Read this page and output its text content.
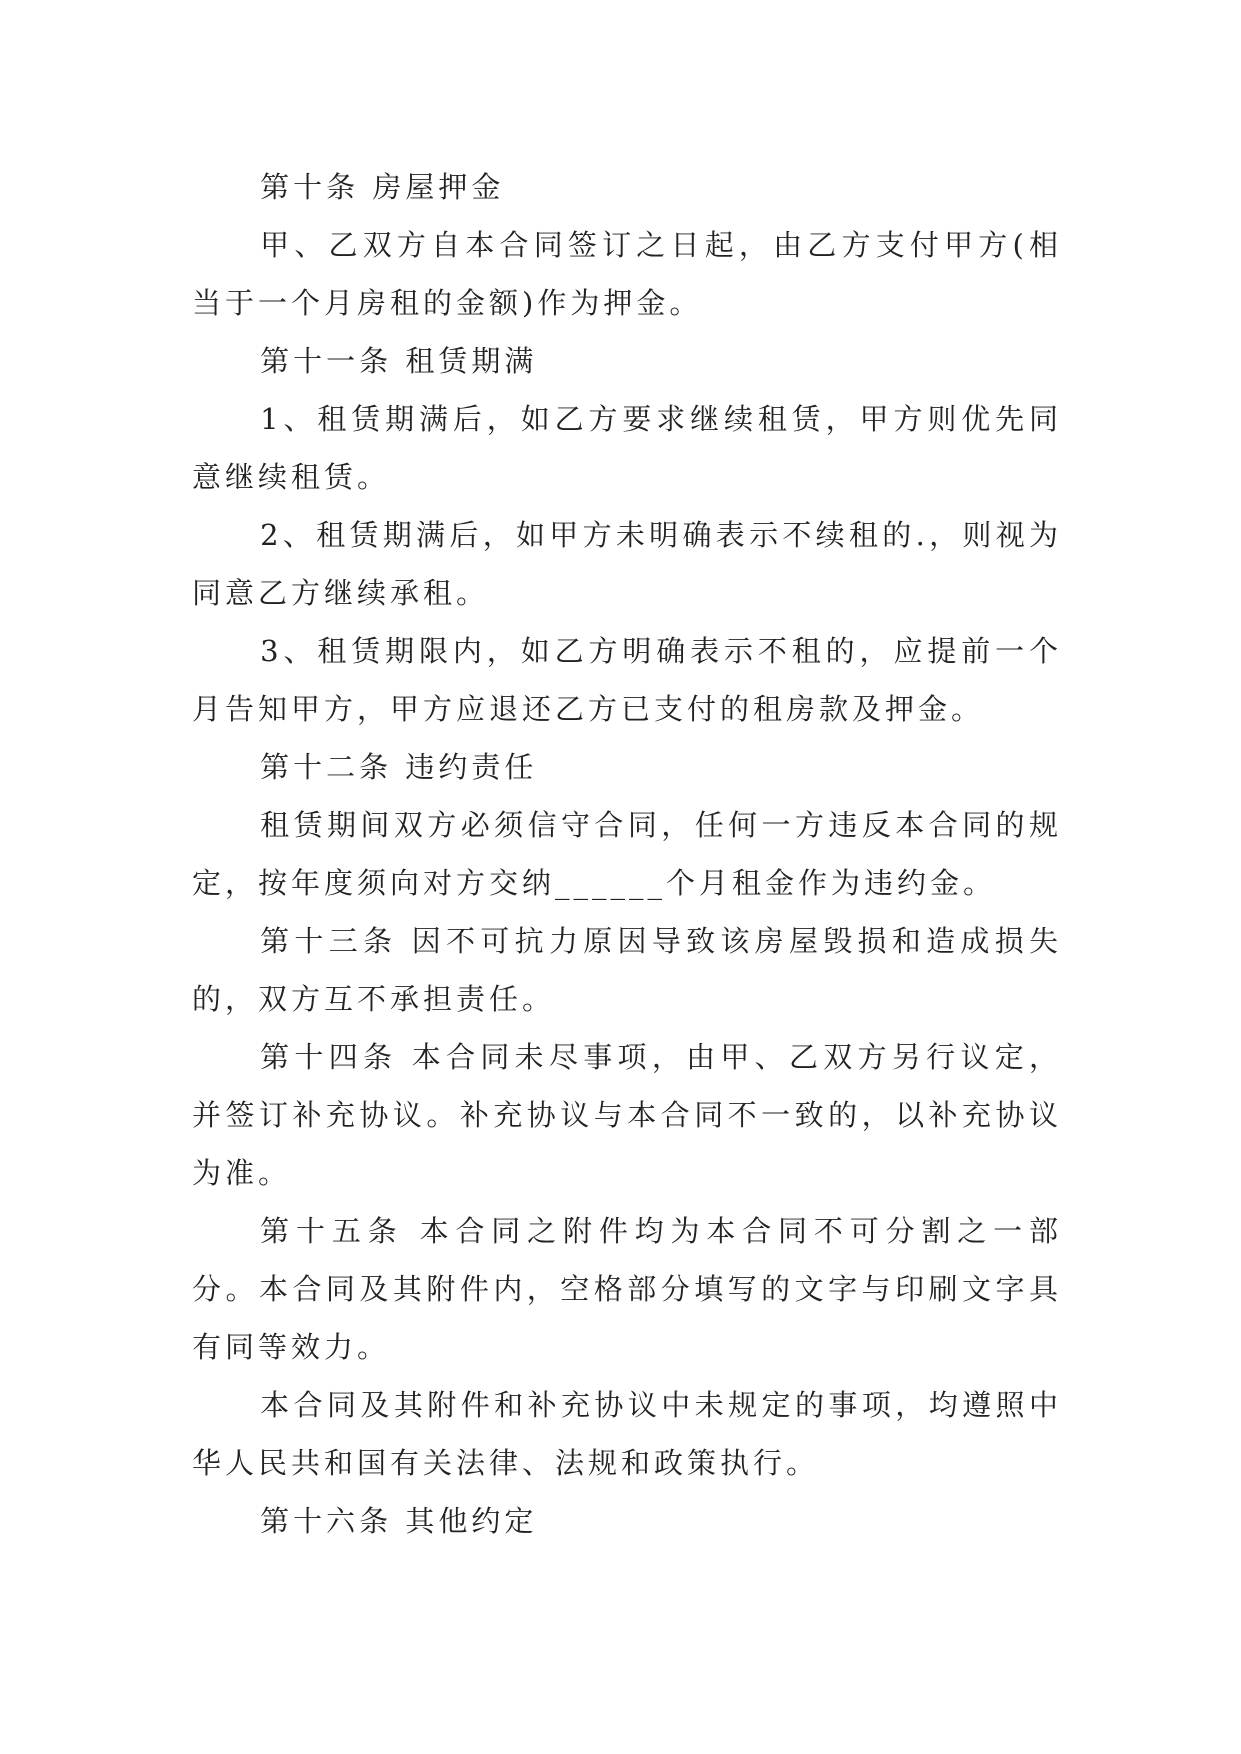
第十条 房屋押金

甲、乙双方自本合同签订之日起，由乙方支付甲方(相当于一个月房租的金额)作为押金。

第十一条 租赁期满

1、租赁期满后，如乙方要求继续租赁，甲方则优先同意继续租赁。

2、租赁期满后，如甲方未明确表示不续租的.，则视为同意乙方继续承租。

3、租赁期限内，如乙方明确表示不租的，应提前一个月告知甲方，甲方应退还乙方已支付的租房款及押金。

第十二条 违约责任

租赁期间双方必须信守合同，任何一方违反本合同的规定，按年度须向对方交纳______个月租金作为违约金。

第十三条 因不可抗力原因导致该房屋毁损和造成损失的，双方互不承担责任。

第十四条 本合同未尽事项，由甲、乙双方另行议定，并签订补充协议。补充协议与本合同不一致的，以补充协议为准。

第十五条 本合同之附件均为本合同不可分割之一部分。本合同及其附件内，空格部分填写的文字与印刷文字具有同等效力。

本合同及其附件和补充协议中未规定的事项，均遵照中华人民共和国有关法律、法规和政策执行。

第十六条 其他约定
